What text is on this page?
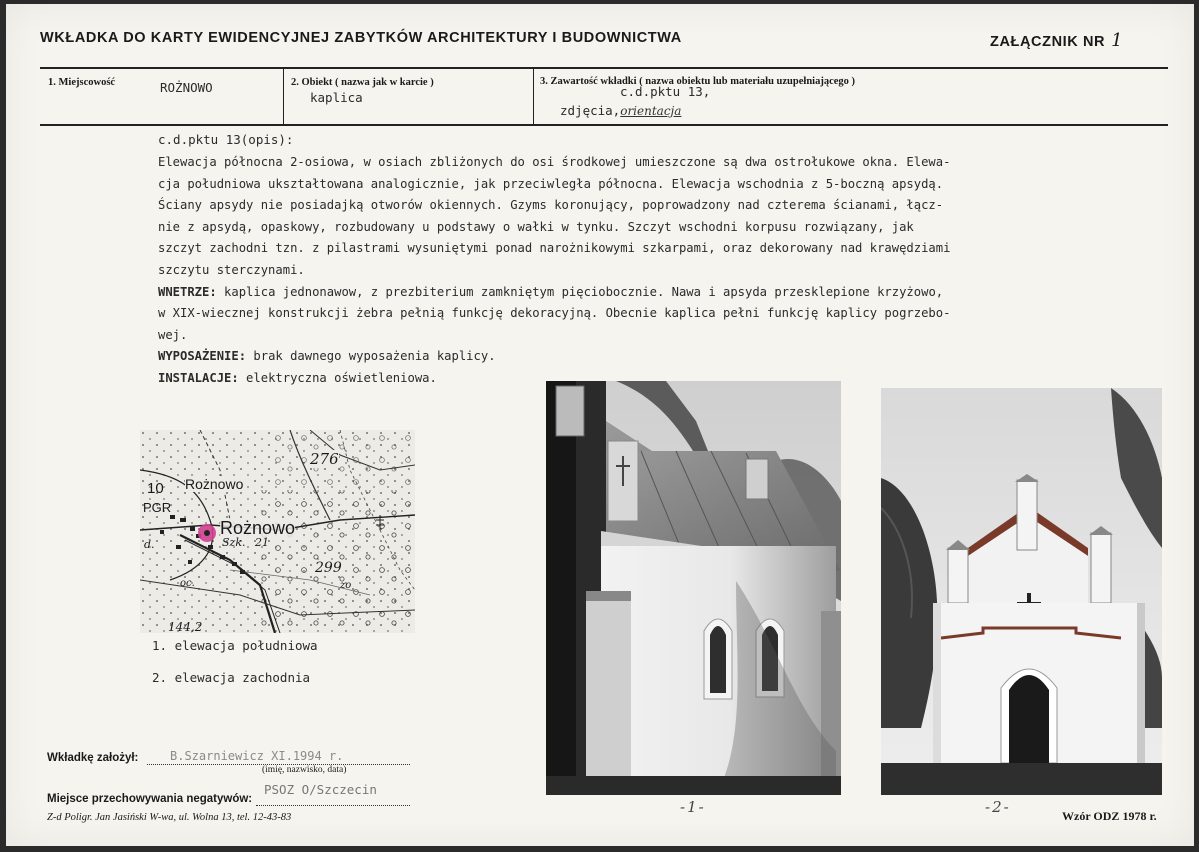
WKŁADKA DO KARTY EWIDENCYJNEJ ZABYTKÓW ARCHITEKTURY I BUDOWNICTWA	ZAŁĄCZNIK NR 1
1. Miejscowość	ROŻNOWO	2. Obiekt ( nazwa jak w karcie )
kaplica
3. Zawartość wkładki ( nazwa obiektu lub materiału uzupełniającego )
c.d.pktu 13,
zdjęcia,orientacja
c.d.pktu 13(opis):

Elewacja północna 2-osiowa, w osiach zbliżonych do osi środkowej umieszczone są dwa ostrołukowe okna. Elewa-

cja południowa ukształtowana analogicznie, jak przeciwległa północna. Elewacja wschodnia z 5-boczną apsydą.

Ściany apsydy nie posiadajką otworów okiennych. Gzyms koronujący, poprowadzony nad czterema ścianami, łącz-

nie z apsydą, opaskowy, rozbudowany u podstawy o wałki w tynku. Szczyt wschodni korpusu rozwiązany, jak

szczyt zachodni tzn. z pilastrami wysuniętymi ponad narożnikowymi szkarpami, oraz dekorowany nad krawędziami

szczytu sterczynami.

WNETRZE: kaplica jednonawow, z prezbiterium zamkniętym pięciobocznie. Nawa i apsyda przesklepione krzyżowo,

w XIX-wiecznej konstrukcji żebra pełnią funkcję dekoracyjną. Obecnie kaplica pełni funkcję kaplicy pogrzebo-

wej.

WYPOSAŻENIE: brak dawnego wyposażenia kaplicy.

INSTALACJE: elektryczna oświetleniowa.

10 Rożnowo
Rożnowo
276
299
PGR
Szk. 21
d.
oc.	zo
144,2
1. elewacja południowa
2. elewacja zachodnia
-1-	-2-
Wkładkę założył:	B.Szarniewicz XI.1994 r.
(imię, nazwisko, data)
Miejsce przechowywania negatywów:
PSOZ O/Szczecin
Z-d Poligr. Jan Jasiński W-wa, ul. Wolna 13, tel. 12-43-83	Wzór ODZ 1978 r.
